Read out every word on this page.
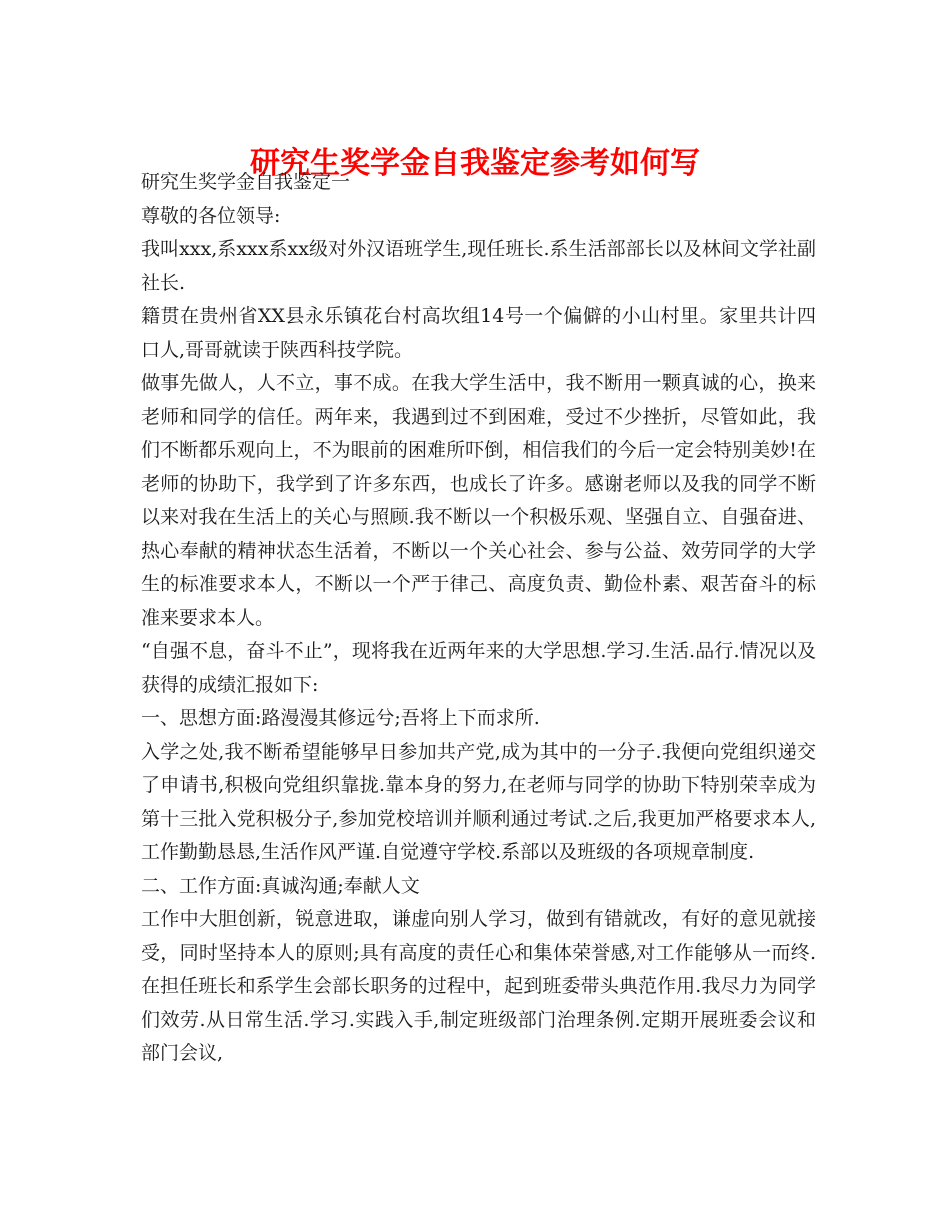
研究生奖学金自我鉴定参考如何写

研究生奖学金自我鉴定一

尊敬的各位领导:

我叫xxx,系xxx系xx级对外汉语班学生,现任班长.系生活部部长以及林间文学社副社长.

籍贯在贵州省XX县永乐镇花台村高坎组14号一个偏僻的小山村里。家里共计四口人,哥哥就读于陕西科技学院。

做事先做人，人不立，事不成。在我大学生活中，我不断用一颗真诚的心，换来老师和同学的信任。两年来，我遇到过不到困难，受过不少挫折，尽管如此，我们不断都乐观向上，不为眼前的困难所吓倒，相信我们的今后一定会特别美妙!在老师的协助下，我学到了许多东西，也成长了许多。感谢老师以及我的同学不断以来对我在生活上的关心与照顾.我不断以一个积极乐观、坚强自立、自强奋进、热心奉献的精神状态生活着，不断以一个关心社会、参与公益、效劳同学的大学生的标准要求本人，不断以一个严于律己、高度负责、勤俭朴素、艰苦奋斗的标准来要求本人。

“自强不息，奋斗不止”，现将我在近两年来的大学思想.学习.生活.品行.情况以及获得的成绩汇报如下:

一、思想方面:路漫漫其修远兮;吾将上下而求所.

入学之处,我不断希望能够早日参加共产党,成为其中的一分子.我便向党组织递交了申请书,积极向党组织靠拢.靠本身的努力,在老师与同学的协助下特别荣幸成为第十三批入党积极分子,参加党校培训并顺利通过考试.之后,我更加严格要求本人,工作勤勤恳恳,生活作风严谨.自觉遵守学校.系部以及班级的各项规章制度.

二、工作方面:真诚沟通;奉献人文

工作中大胆创新，锐意进取，谦虚向别人学习，做到有错就改，有好的意见就接受，同时坚持本人的原则;具有高度的责任心和集体荣誉感,对工作能够从一而终.在担任班长和系学生会部长职务的过程中，起到班委带头典范作用.我尽力为同学们效劳.从日常生活.学习.实践入手,制定班级部门治理条例.定期开展班委会议和部门会议,
